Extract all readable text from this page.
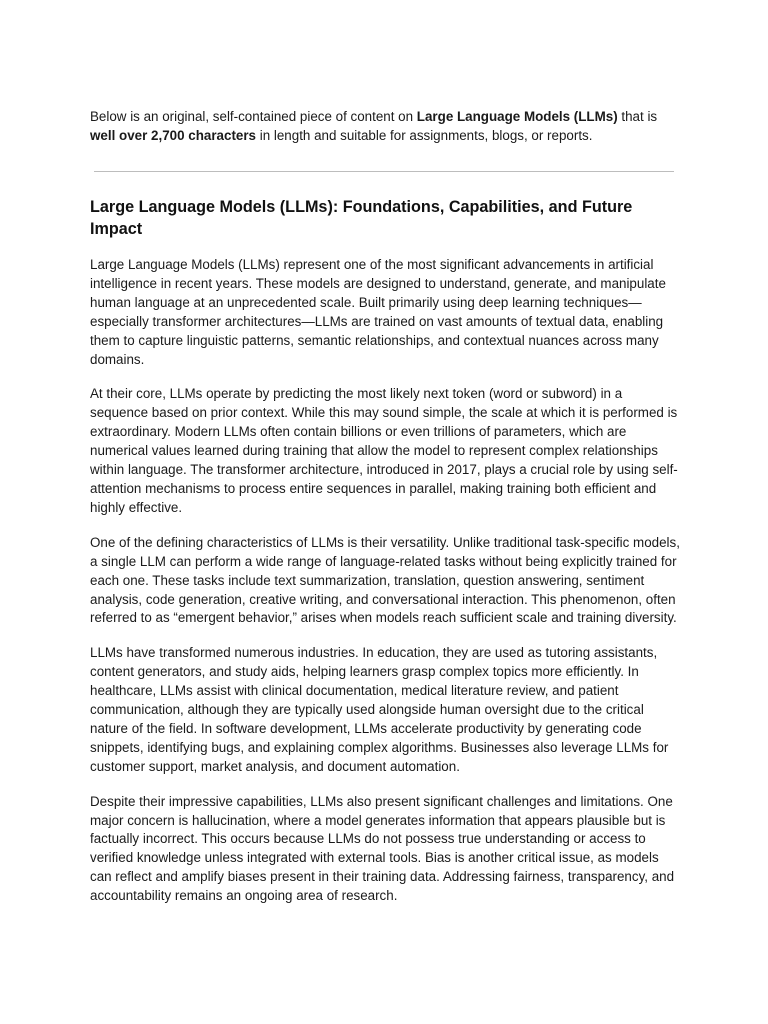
Below is an original, self-contained piece of content on Large Language Models (LLMs) that is well over 2,700 characters in length and suitable for assignments, blogs, or reports.

Large Language Models (LLMs): Foundations, Capabilities, and Future Impact

Large Language Models (LLMs) represent one of the most significant advancements in artificial intelligence in recent years. These models are designed to understand, generate, and manipulate human language at an unprecedented scale. Built primarily using deep learning techniques—especially transformer architectures—LLMs are trained on vast amounts of textual data, enabling them to capture linguistic patterns, semantic relationships, and contextual nuances across many domains.

At their core, LLMs operate by predicting the most likely next token (word or subword) in a sequence based on prior context. While this may sound simple, the scale at which it is performed is extraordinary. Modern LLMs often contain billions or even trillions of parameters, which are numerical values learned during training that allow the model to represent complex relationships within language. The transformer architecture, introduced in 2017, plays a crucial role by using self-attention mechanisms to process entire sequences in parallel, making training both efficient and highly effective.

One of the defining characteristics of LLMs is their versatility. Unlike traditional task-specific models, a single LLM can perform a wide range of language-related tasks without being explicitly trained for each one. These tasks include text summarization, translation, question answering, sentiment analysis, code generation, creative writing, and conversational interaction. This phenomenon, often referred to as “emergent behavior,” arises when models reach sufficient scale and training diversity.

LLMs have transformed numerous industries. In education, they are used as tutoring assistants, content generators, and study aids, helping learners grasp complex topics more efficiently. In healthcare, LLMs assist with clinical documentation, medical literature review, and patient communication, although they are typically used alongside human oversight due to the critical nature of the field. In software development, LLMs accelerate productivity by generating code snippets, identifying bugs, and explaining complex algorithms. Businesses also leverage LLMs for customer support, market analysis, and document automation.

Despite their impressive capabilities, LLMs also present significant challenges and limitations. One major concern is hallucination, where a model generates information that appears plausible but is factually incorrect. This occurs because LLMs do not possess true understanding or access to verified knowledge unless integrated with external tools. Bias is another critical issue, as models can reflect and amplify biases present in their training data. Addressing fairness, transparency, and accountability remains an ongoing area of research.
